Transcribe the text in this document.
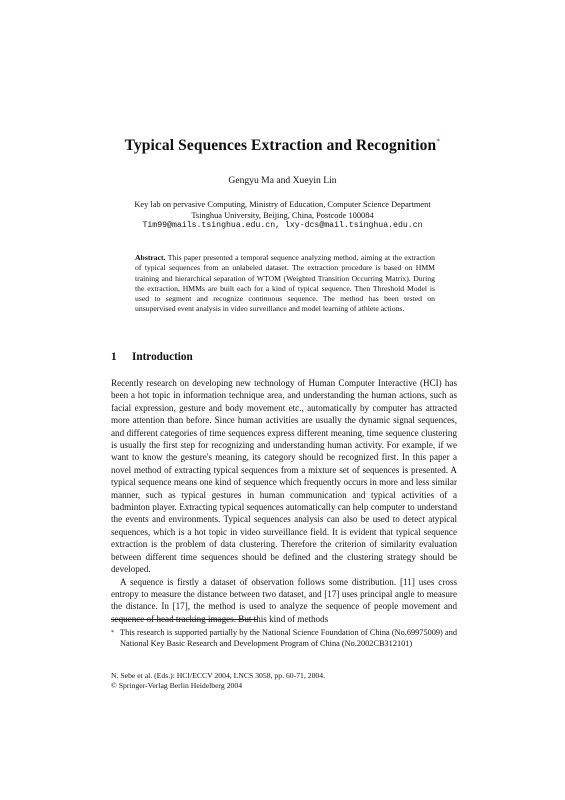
Typical Sequences Extraction and Recognition*
Gengyu Ma and Xueyin Lin
Key lab on pervasive Computing, Ministry of Education, Computer Science Department
Tsinghua University, Beijing, China, Postcode 100084
Tim99@mails.tsinghua.edu.cn, lxy-dcs@mail.tsinghua.edu.cn
Abstract. This paper presented a temporal sequence analyzing method, aiming at the extraction of typical sequences from an unlabeled dataset. The extraction procedure is based on HMM training and hierarchical separation of WTOM (Weighted Transition Occurring Matrix). During the extraction, HMMs are built each for a kind of typical sequence. Then Threshold Model is used to segment and recognize continuous sequence. The method has been tested on unsupervised event analysis in video surveillance and model learning of athlete actions.
1 Introduction

Recently research on developing new technology of Human Computer Interactive (HCI) has been a hot topic in information technique area, and understanding the human actions, such as facial expression, gesture and body movement etc., automatically by computer has attracted more attention than before. Since human activities are usually the dynamic signal sequences, and different categories of time sequences express different meaning, time sequence clustering is usually the first step for recognizing and understanding human activity. For example, if we want to know the gesture's meaning, its category should be recognized first. In this paper a novel method of extracting typical sequences from a mixture set of sequences is presented. A typical sequence means one kind of sequence which frequently occurs in more and less similar manner, such as typical gestures in human communication and typical activities of a badminton player. Extracting typical sequences automatically can help computer to understand the events and environments. Typical sequences analysis can also be used to detect atypical sequences, which is a hot topic in video surveillance field. It is evident that typical sequence extraction is the problem of data clustering. Therefore the criterion of similarity evaluation between different time sequences should be defined and the clustering strategy should be developed.

A sequence is firstly a dataset of observation follows some distribution. [11] uses cross entropy to measure the distance between two dataset, and [17] uses principal angle to measure the distance. In [17], the method is used to analyze the sequence of people movement and sequence of head tracking images. But this kind of methods

* This research is supported partially by the National Science Foundation of China (No.69975009) and National Key Basic Research and Development Program of China (No.2002CB312101)
N. Sebe et al. (Eds.): HCI/ECCV 2004, LNCS 3058, pp. 60-71, 2004.
© Springer-Verlag Berlin Heidelberg 2004
